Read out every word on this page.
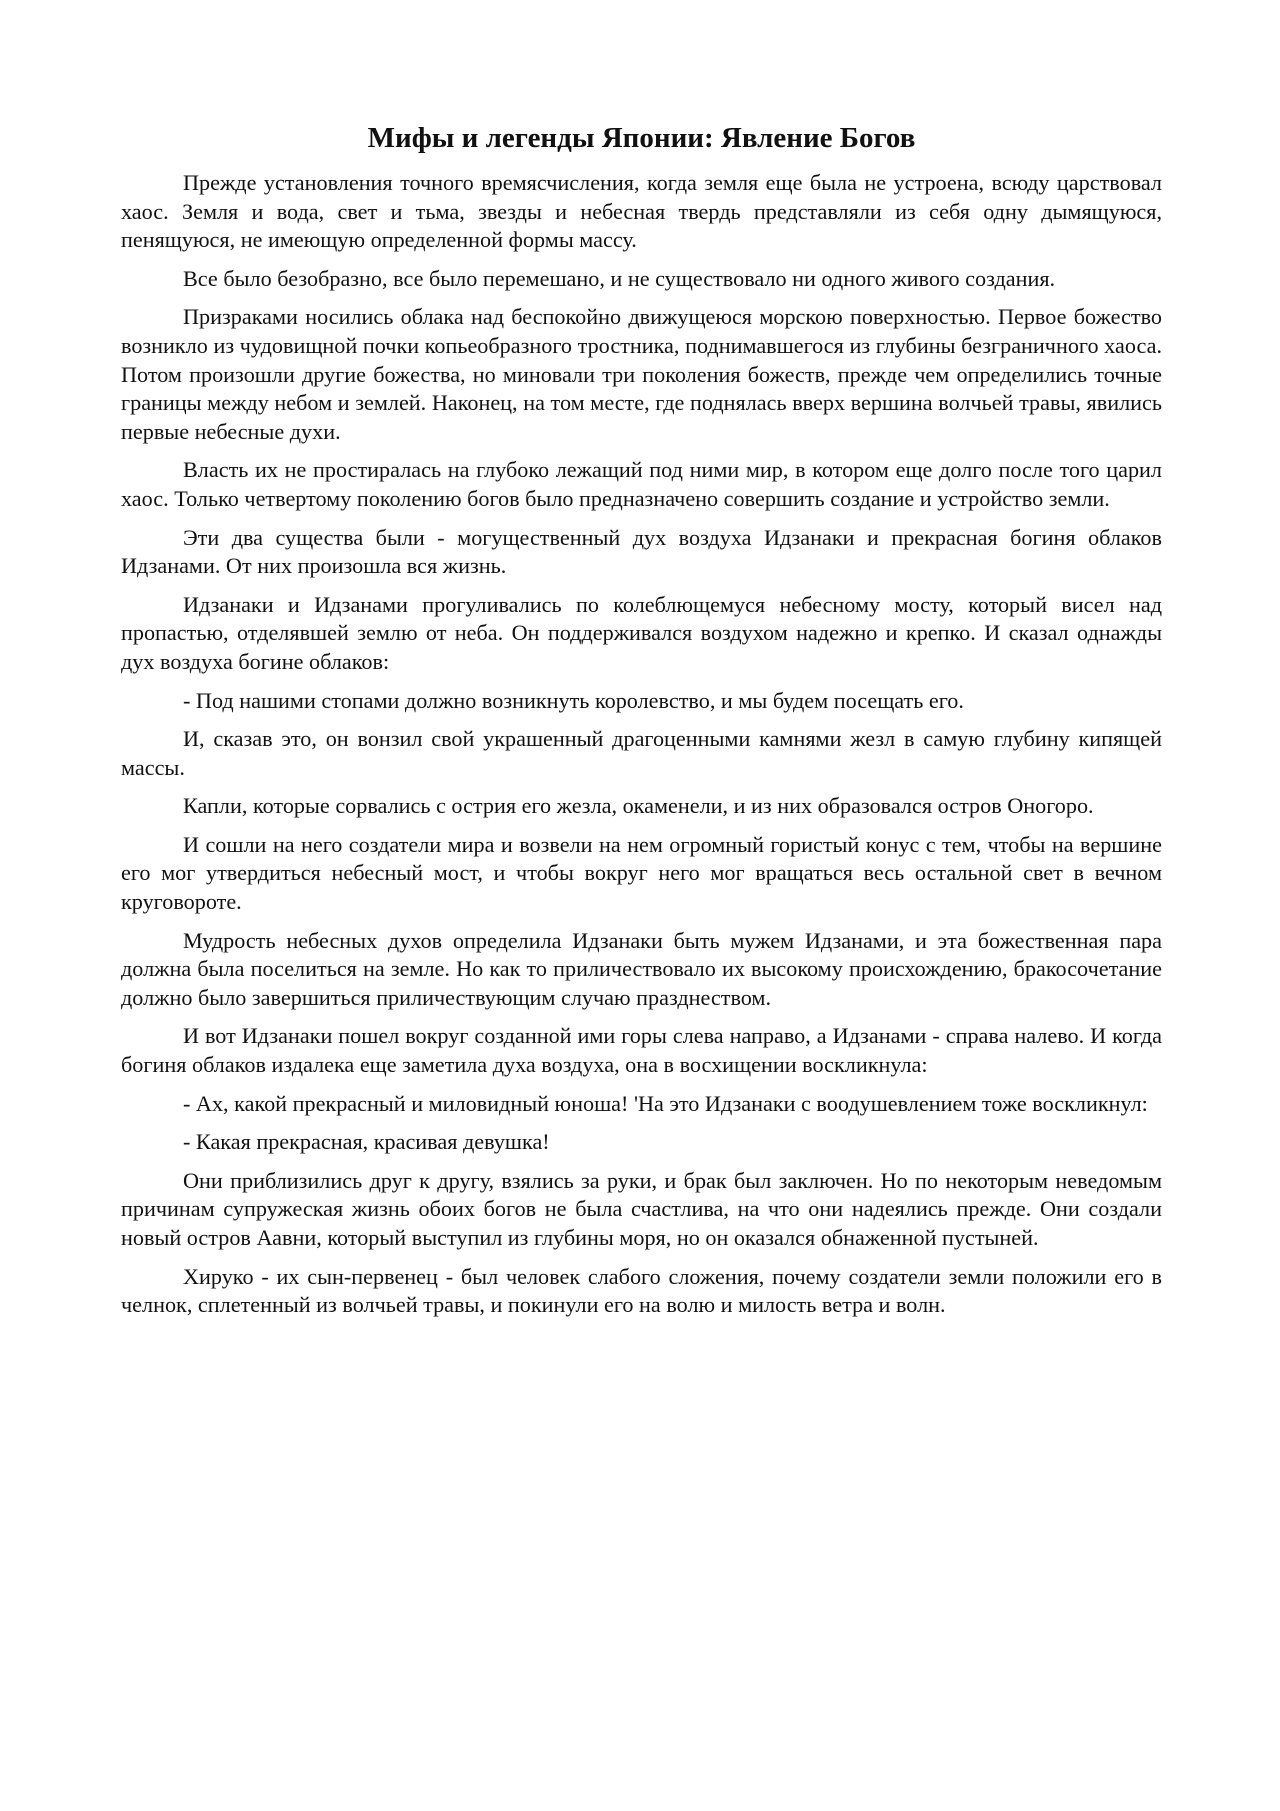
Мифы и легенды Японии: Явление Богов

Прежде установления точного времясчисления, когда земля еще была не устроена, всюду царствовал хаос. Земля и вода, свет и тьма, звезды и небесная твердь представляли из себя одну дымящуюся, пенящуюся, не имеющую определенной формы массу.

Все было безобразно, все было перемешано, и не существовало ни одного живого создания.

Призраками носились облака над беспокойно движущеюся морскою поверхностью. Первое божество возникло из чудовищной почки копьеобразного тростника, поднимавшегося из глубины безграничного хаоса. Потом произошли другие божества, но миновали три поколения божеств, прежде чем определились точные границы между небом и землей. Наконец, на том месте, где поднялась вверх вершина волчьей травы, явились первые небесные духи.

Власть их не простиралась на глубоко лежащий под ними мир, в котором еще долго после того царил хаос. Только четвертому поколению богов было предназначено совершить создание и устройство земли.

Эти два существа были - могущественный дух воздуха Идзанаки и прекрасная богиня облаков Идзанами. От них произошла вся жизнь.

Идзанаки и Идзанами прогуливались по колеблющемуся небесному мосту, который висел над пропастью, отделявшей землю от неба. Он поддерживался воздухом надежно и крепко. И сказал однажды дух воздуха богине облаков:

- Под нашими стопами должно возникнуть королевство, и мы будем посещать его.

И, сказав это, он вонзил свой украшенный драгоценными камнями жезл в самую глубину кипящей массы.

Капли, которые сорвались с острия его жезла, окаменели, и из них образовался остров Оногоро.

И сошли на него создатели мира и возвели на нем огромный гористый конус с тем, чтобы на вершине его мог утвердиться небесный мост, и чтобы вокруг него мог вращаться весь остальной свет в вечном круговороте.

Мудрость небесных духов определила Идзанаки быть мужем Идзанами, и эта божественная пара должна была поселиться на земле. Но как то приличествовало их высокому происхождению, бракосочетание должно было завершиться приличествующим случаю празднеством.

И вот Идзанаки пошел вокруг созданной ими горы слева направо, а Идзанами - справа налево. И когда богиня облаков издалека еще заметила духа воздуха, она в восхищении воскликнула:

- Ах, какой прекрасный и миловидный юноша! 'На это Идзанаки с воодушевлением тоже воскликнул:

- Какая прекрасная, красивая девушка!

Они приблизились друг к другу, взялись за руки, и брак был заключен. Но по некоторым неведомым причинам супружеская жизнь обоих богов не была счастлива, на что они надеялись прежде. Они создали новый остров Аавни, который выступил из глубины моря, но он оказался обнаженной пустыней.

Хируко - их сын-первенец - был человек слабого сложения, почему создатели земли положили его в челнок, сплетенный из волчьей травы, и покинули его на волю и милость ветра и волн.
